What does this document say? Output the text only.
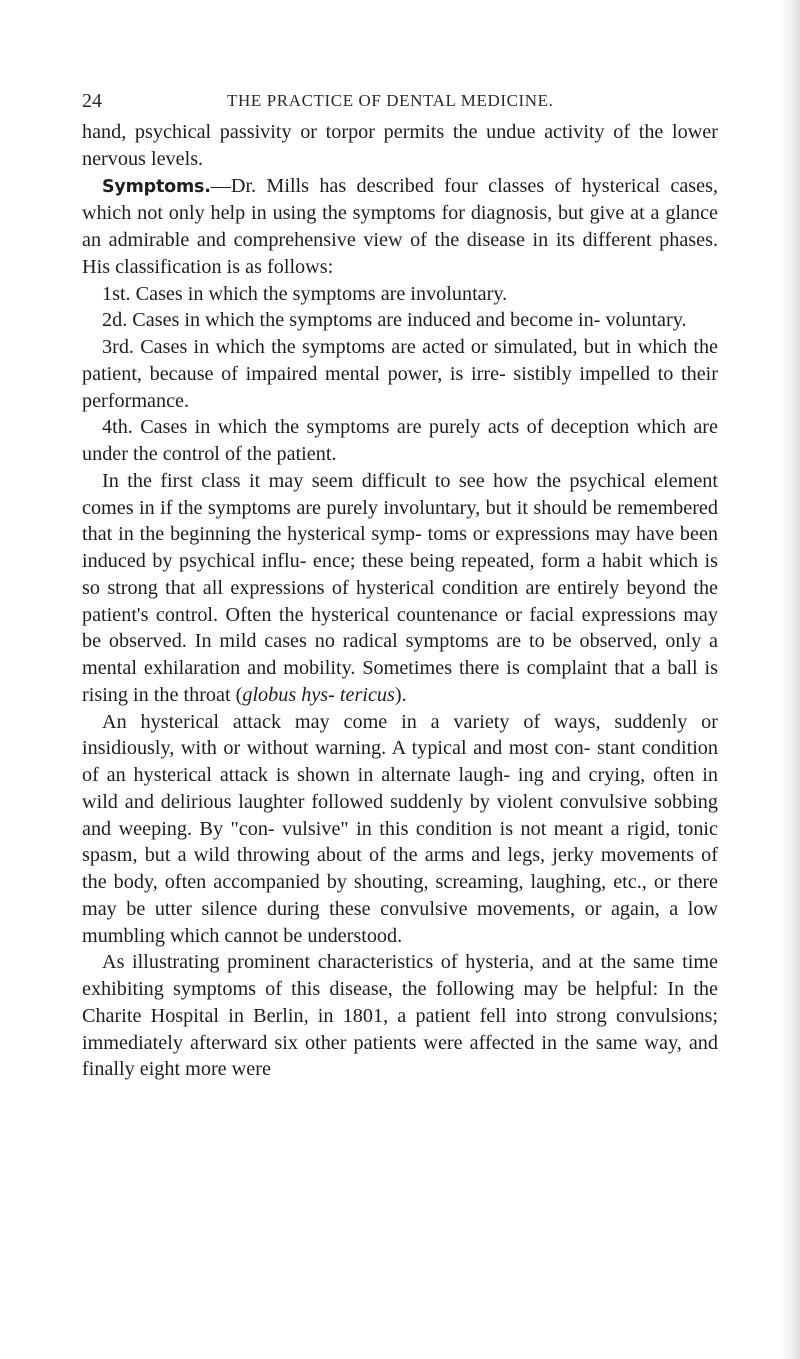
24	THE PRACTICE OF DENTAL MEDICINE.

hand, psychical passivity or torpor permits the undue activity of the lower nervous levels.

Symptoms.—Dr. Mills has described four classes of hysterical cases, which not only help in using the symptoms for diagnosis, but give at a glance an admirable and comprehensive view of the disease in its different phases. His classification is as follows:

1st. Cases in which the symptoms are involuntary.

2d. Cases in which the symptoms are induced and become in- voluntary.

3rd. Cases in which the symptoms are acted or simulated, but in which the patient, because of impaired mental power, is irre- sistibly impelled to their performance.

4th. Cases in which the symptoms are purely acts of deception which are under the control of the patient.

In the first class it may seem difficult to see how the psychical element comes in if the symptoms are purely involuntary, but it should be remembered that in the beginning the hysterical symp- toms or expressions may have been induced by psychical influ- ence; these being repeated, form a habit which is so strong that all expressions of hysterical condition are entirely beyond the patient's control. Often the hysterical countenance or facial expressions may be observed. In mild cases no radical symptoms are to be observed, only a mental exhilaration and mobility. Sometimes there is complaint that a ball is rising in the throat (globus hys- tericus).

An hysterical attack may come in a variety of ways, suddenly or insidiously, with or without warning. A typical and most con- stant condition of an hysterical attack is shown in alternate laugh- ing and crying, often in wild and delirious laughter followed suddenly by violent convulsive sobbing and weeping. By "con- vulsive" in this condition is not meant a rigid, tonic spasm, but a wild throwing about of the arms and legs, jerky movements of the body, often accompanied by shouting, screaming, laughing, etc., or there may be utter silence during these convulsive movements, or again, a low mumbling which cannot be understood.

As illustrating prominent characteristics of hysteria, and at the same time exhibiting symptoms of this disease, the following may be helpful: In the Charite Hospital in Berlin, in 1801, a patient fell into strong convulsions; immediately afterward six other patients were affected in the same way, and finally eight more were
